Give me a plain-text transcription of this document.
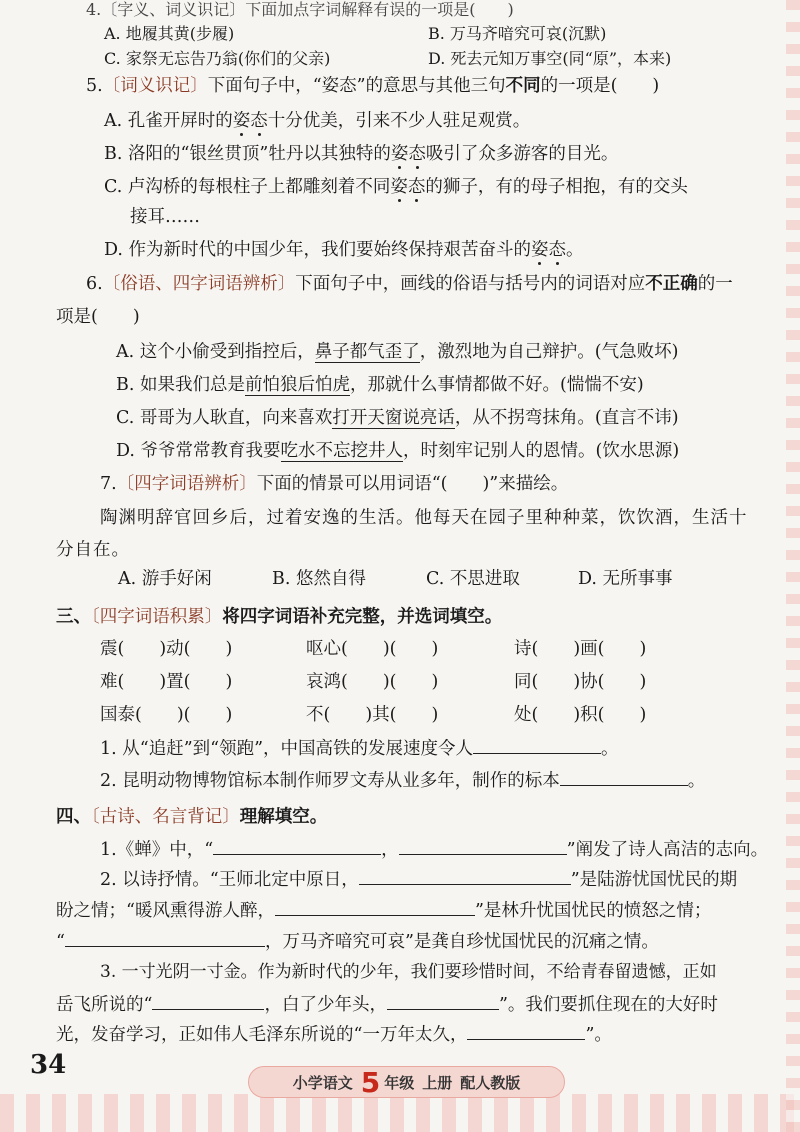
4.〔字义、词义识记〕下面加点字词解释有误的一项是(　　)
A. 地履其黄(步履)	B. 万马齐喑究可哀(沉默)
C. 家祭无忘告乃翁(你们的父亲)	D. 死去元知万事空(同“原”，本来)
5.〔词义识记〕下面句子中，“姿态”的意思与其他三句不同的一项是(　　)
A. 孔雀开屏时的姿态十分优美，引来不少人驻足观赏。
B. 洛阳的“银丝贯顶”牡丹以其独特的姿态吸引了众多游客的目光。
C. 卢沟桥的每根柱子上都雕刻着不同姿态的狮子，有的母子相抱，有的交头
接耳……
D. 作为新时代的中国少年，我们要始终保持艰苦奋斗的姿态。
6.〔俗语、四字词语辨析〕下面句子中，画线的俗语与括号内的词语对应不正确的一
项是(　　)
A. 这个小偷受到指控后，鼻子都气歪了，激烈地为自己辩护。(气急败坏)
B. 如果我们总是前怕狼后怕虎，那就什么事情都做不好。(惴惴不安)
C. 哥哥为人耿直，向来喜欢打开天窗说亮话，从不拐弯抹角。(直言不讳)
D. 爷爷常常教育我要吃水不忘挖井人，时刻牢记别人的恩情。(饮水思源)
7.〔四字词语辨析〕下面的情景可以用词语“(　　)”来描绘。
陶渊明辞官回乡后，过着安逸的生活。他每天在园子里种种菜，饮饮酒，生活十
分自在。
A. 游手好闲	B. 悠然自得	C. 不思进取	D. 无所事事
三、〔四字词语积累〕将四字词语补充完整，并选词填空。
震(　　)动(　　)	呕心(　　)(　　)	诗(　　)画(　　)
难(　　)置(　　)	哀鸿(　　)(　　)	同(　　)协(　　)
国泰(　　)(　　)	不(　　)其(　　)	处(　　)积(　　)
1. 从“追赶”到“领跑”，中国高铁的发展速度令人	。
2. 昆明动物博物馆标本制作师罗文寿从业多年，制作的标本	。
四、〔古诗、名言背记〕理解填空。
1.《蝉》中，“	，	”阐发了诗人高洁的志向。
2. 以诗抒情。“王师北定中原日，	”是陆游忧国忧民的期
盼之情；“暖风熏得游人醉，	”是林升忧国忧民的愤怒之情；
“	，万马齐喑究可哀”是龚自珍忧国忧民的沉痛之情。
3. 一寸光阴一寸金。作为新时代的少年，我们要珍惜时间，不给青春留遗憾，正如
岳飞所说的“	，白了少年头，	”。我们要抓住现在的大好时
光，发奋学习，正如伟人毛泽东所说的“一万年太久，	”。
34
小学语文 5 年级 上册 配人教版
